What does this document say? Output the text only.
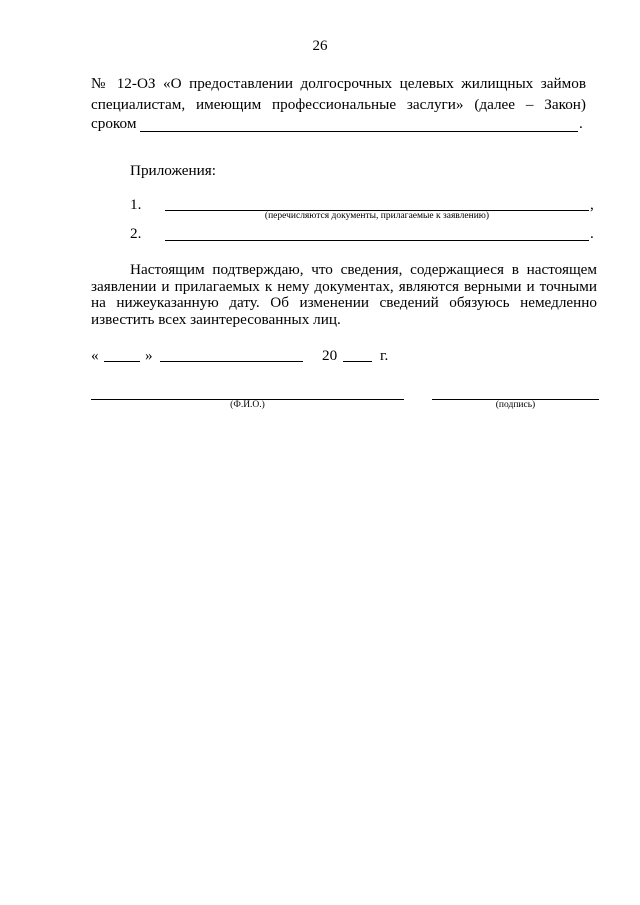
26
№ 12-ОЗ «О предоставлении долгосрочных целевых жилищных займов
специалистам, имеющим профессиональные заслуги» (далее – Закон)
сроком	.
Приложения:
1.	,
(перечисляются документы, прилагаемые к заявлению)
2.	.
Настоящим подтверждаю, что сведения, содержащиеся в настоящем
заявлении и прилагаемых к нему документах, являются верными и точными
на нижеуказанную дату. Об изменении сведений обязуюсь немедленно
известить всех заинтересованных лиц.
«	»	20	г.
(Ф.И.О.)	(подпись)
